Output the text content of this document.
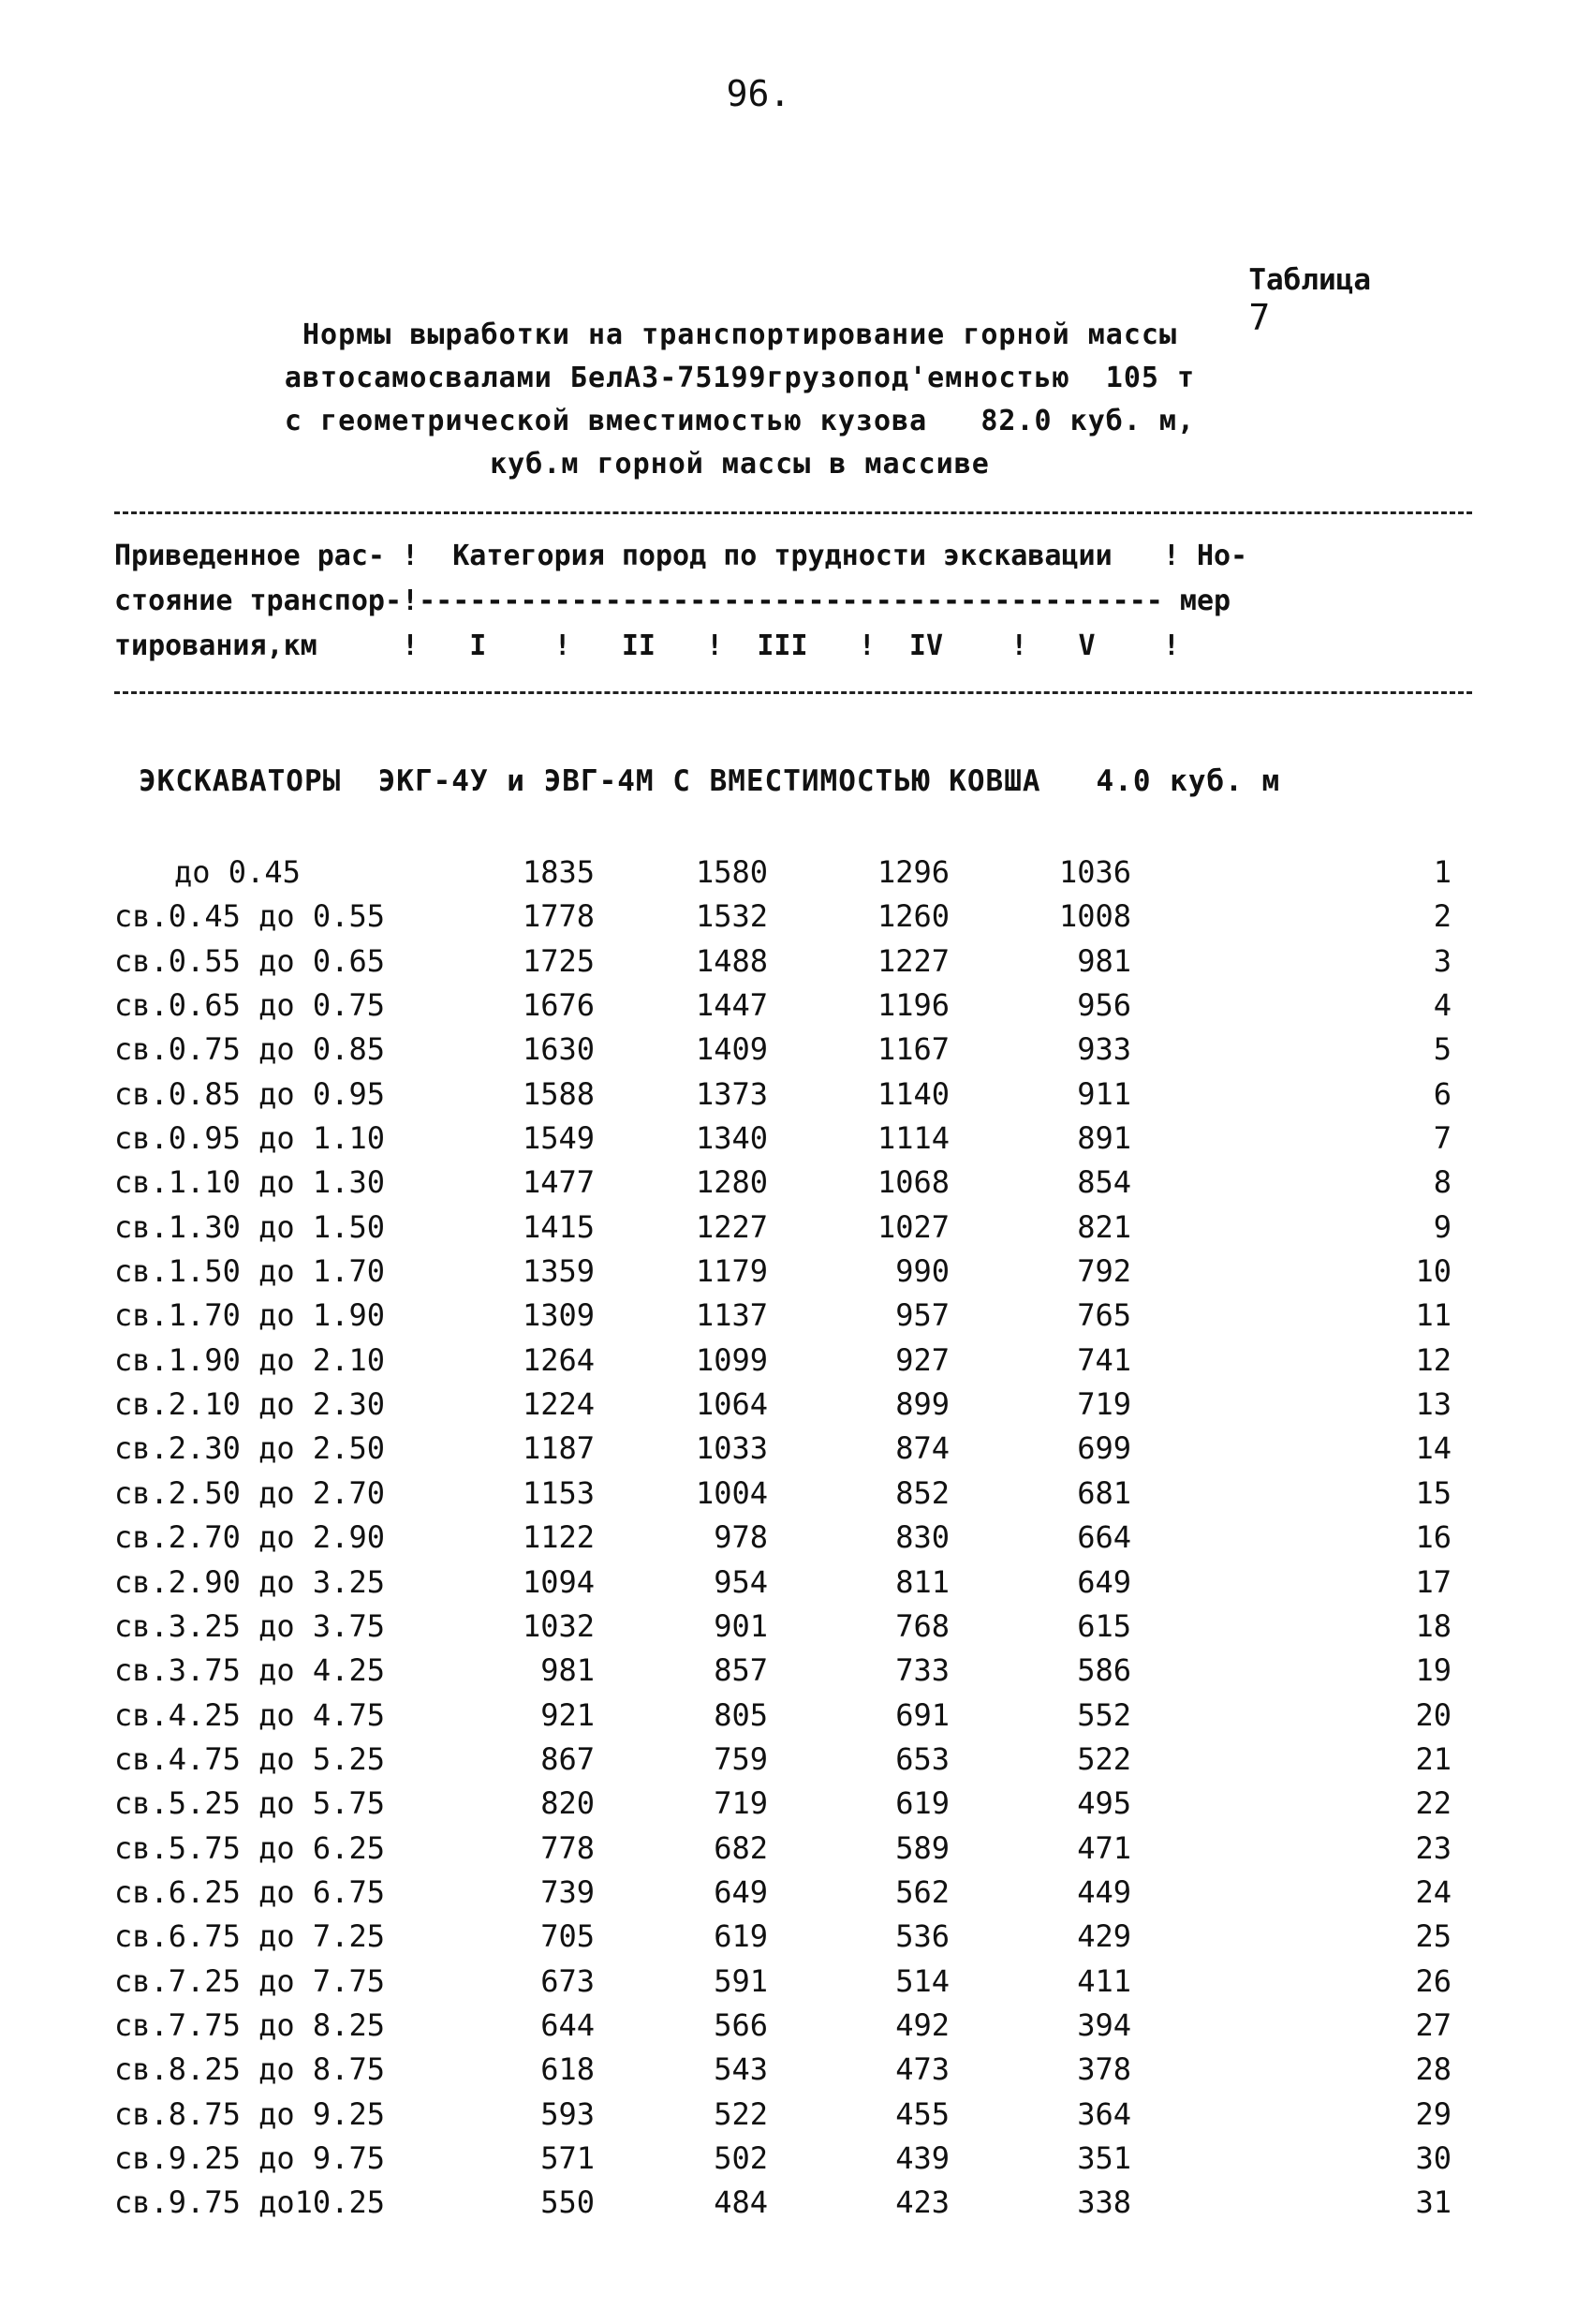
96.

Таблица
7

Нормы выработки на транспортирование горной массы
автосамосвалами БелАЗ-75199грузопод'емностью  105 т
с геометрической вместимостью кузова   82.0 куб. м,
куб.м горной массы в массиве
Приведенное рас- !  Категория пород по трудности экскавации   ! Но-
стояние транспор-!-------------------------------------------- мер
тирования,км     !   I    !   II   !  III   !  IV    !   V    !
ЭКСКАВАТОРЫ  ЭКГ-4У и ЭВГ-4М С ВМЕСТИМОСТЬЮ КОВША   4.0 куб. м
до 0.45	1835	1580	1296	1036	1
св.0.45 до 0.55	1778	1532	1260	1008	2
св.0.55 до 0.65	1725	1488	1227	981	3
св.0.65 до 0.75	1676	1447	1196	956	4
св.0.75 до 0.85	1630	1409	1167	933	5
св.0.85 до 0.95	1588	1373	1140	911	6
св.0.95 до 1.10	1549	1340	1114	891	7
св.1.10 до 1.30	1477	1280	1068	854	8
св.1.30 до 1.50	1415	1227	1027	821	9
св.1.50 до 1.70	1359	1179	990	792	10
св.1.70 до 1.90	1309	1137	957	765	11
св.1.90 до 2.10	1264	1099	927	741	12
св.2.10 до 2.30	1224	1064	899	719	13
св.2.30 до 2.50	1187	1033	874	699	14
св.2.50 до 2.70	1153	1004	852	681	15
св.2.70 до 2.90	1122	978	830	664	16
св.2.90 до 3.25	1094	954	811	649	17
св.3.25 до 3.75	1032	901	768	615	18
св.3.75 до 4.25	981	857	733	586	19
св.4.25 до 4.75	921	805	691	552	20
св.4.75 до 5.25	867	759	653	522	21
св.5.25 до 5.75	820	719	619	495	22
св.5.75 до 6.25	778	682	589	471	23
св.6.25 до 6.75	739	649	562	449	24
св.6.75 до 7.25	705	619	536	429	25
св.7.25 до 7.75	673	591	514	411	26
св.7.75 до 8.25	644	566	492	394	27
св.8.25 до 8.75	618	543	473	378	28
св.8.75 до 9.25	593	522	455	364	29
св.9.25 до 9.75	571	502	439	351	30
св.9.75 до10.25	550	484	423	338	31
